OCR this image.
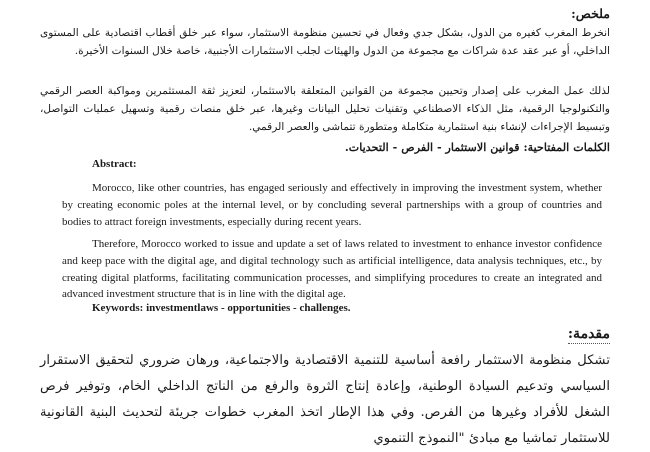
ملخص:
انخرط المغرب كغيره من الدول، بشكل جدي وفعال في تحسين منظومة الاستثمار، سواء عبر خلق أقطاب اقتصادية على المستوى الداخلي، أو عبر عقد عدة شراكات مع مجموعة من الدول والهيئات لجلب الاستثمارات الأجنبية، خاصة خلال السنوات الأخيرة.
لذلك عمل المغرب على إصدار وتحيين مجموعة من القوانين المتعلقة بالاستثمار، لتعزيز ثقة المستثمرين ومواكبة العصر الرقمي والتكنولوجيا الرقمية، مثل الذكاء الاصطناعي وتقنيات تحليل البيانات وغيرها، عبر خلق منصات رقمية وتسهيل عمليات التواصل، وتبسيط الإجراءات لإنشاء بنية استثمارية متكاملة ومتطورة تتماشى والعصر الرقمي.
الكلمات المفتاحية: قوانين الاستثمار - الفرص - التحديات.
Abstract:
Morocco, like other countries, has engaged seriously and effectively in improving the investment system, whether by creating economic poles at the internal level, or by concluding several partnerships with a group of countries and bodies to attract foreign investments, especially during recent years.
Therefore, Morocco worked to issue and update a set of laws related to investment to enhance investor confidence and keep pace with the digital age, and digital technology such as artificial intelligence, data analysis techniques, etc., by creating digital platforms, facilitating communication processes, and simplifying procedures to create an integrated and advanced investment structure that is in line with the digital age.
Keywords: investmentlaws - opportunities - challenges.
مقدمة:
تشكل منظومة الاستثمار رافعة أساسية للتنمية الاقتصادية والاجتماعية، ورهان ضروري لتحقيق الاستقرار السياسي وتدعيم السيادة الوطنية، وإعادة إنتاج الثروة والرفع من الناتج الداخلي الخام، وتوفير فرص الشغل للأفراد وغيرها من الفرص. وفي هذا الإطار اتخذ المغرب خطوات جريئة لتحديث البنية القانونية للاستثمار تماشيا مع مبادئ "النموذج التنموي
